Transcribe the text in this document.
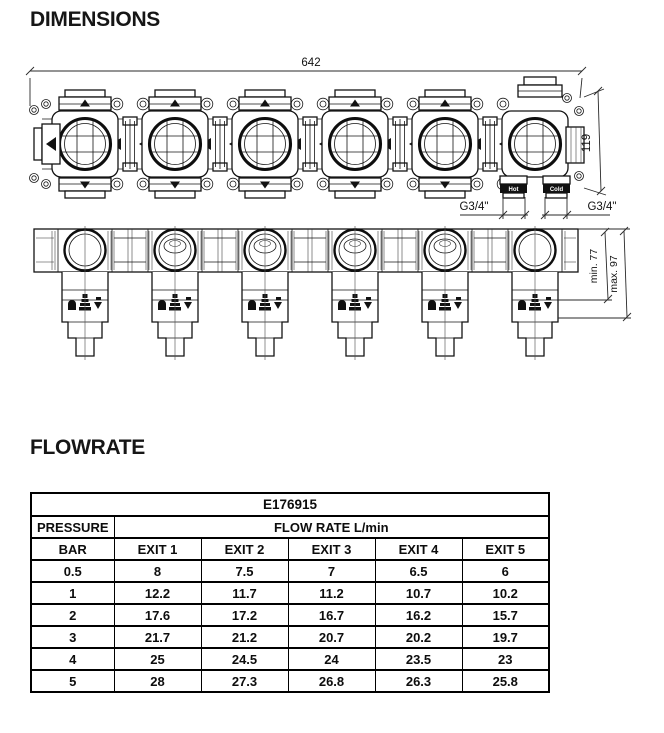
DIMENSIONS
Hot	Cold
642
119
G3/4"	G3/4"
min. 77 max. 97
FLOWRATE
E176915					
PRESSURE	FLOW RATE L/min				
BAR	EXIT 1	EXIT 2	EXIT 3	EXIT 4	EXIT 5
0.5	8	7.5	7	6.5	6
1	12.2	11.7	11.2	10.7	10.2
2	17.6	17.2	16.7	16.2	15.7
3	21.7	21.2	20.7	20.2	19.7
4	25	24.5	24	23.5	23
5	28	27.3	26.8	26.3	25.8
